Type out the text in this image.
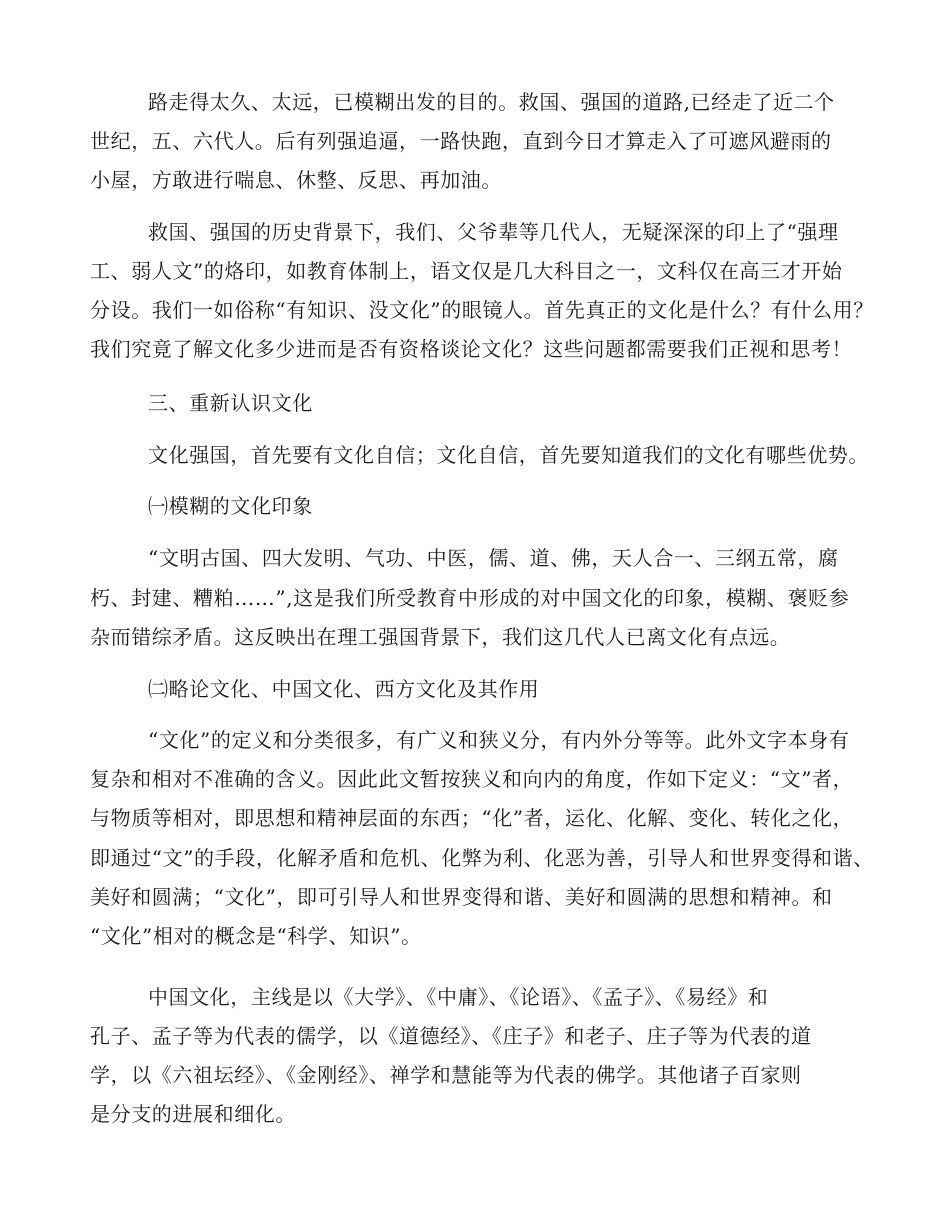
路走得太久、太远，已模糊出发的目的。救国、强国的道路,已经走了近二个
世纪，五、六代人。后有列强追逼，一路快跑，直到今日才算走入了可遮风避雨的
小屋，方敢进行喘息、休整、反思、再加油。
救国、强国的历史背景下，我们、父爷辈等几代人，无疑深深的印上了“强理
工、弱人文”的烙印，如教育体制上，语文仅是几大科目之一，文科仅在高三才开始
分设。我们一如俗称“有知识、没文化”的眼镜人。首先真正的文化是什么？有什么用？
我们究竟了解文化多少进而是否有资格谈论文化？这些问题都需要我们正视和思考！
三、重新认识文化
文化强国，首先要有文化自信；文化自信，首先要知道我们的文化有哪些优势。
㈠模糊的文化印象
“文明古国、四大发明、气功、中医，儒、道、佛，天人合一、三纲五常，腐
朽、封建、糟粕……”,这是我们所受教育中形成的对中国文化的印象，模糊、褒贬参
杂而错综矛盾。这反映出在理工强国背景下，我们这几代人已离文化有点远。
㈡略论文化、中国文化、西方文化及其作用
“文化”的定义和分类很多，有广义和狭义分，有内外分等等。此外文字本身有
复杂和相对不准确的含义。因此此文暂按狭义和向内的角度，作如下定义：“文”者，
与物质等相对，即思想和精神层面的东西；“化”者，运化、化解、变化、转化之化，
即通过“文”的手段，化解矛盾和危机、化弊为利、化恶为善，引导人和世界变得和谐、
美好和圆满；“文化”，即可引导人和世界变得和谐、美好和圆满的思想和精神。和
“文化”相对的概念是“科学、知识”。
中国文化，主线是以《大学》、《中庸》、《论语》、《孟子》、《易经》和
孔子、孟子等为代表的儒学，以《道德经》、《庄子》和老子、庄子等为代表的道
学，以《六祖坛经》、《金刚经》、禅学和慧能等为代表的佛学。其他诸子百家则
是分支的进展和细化。
